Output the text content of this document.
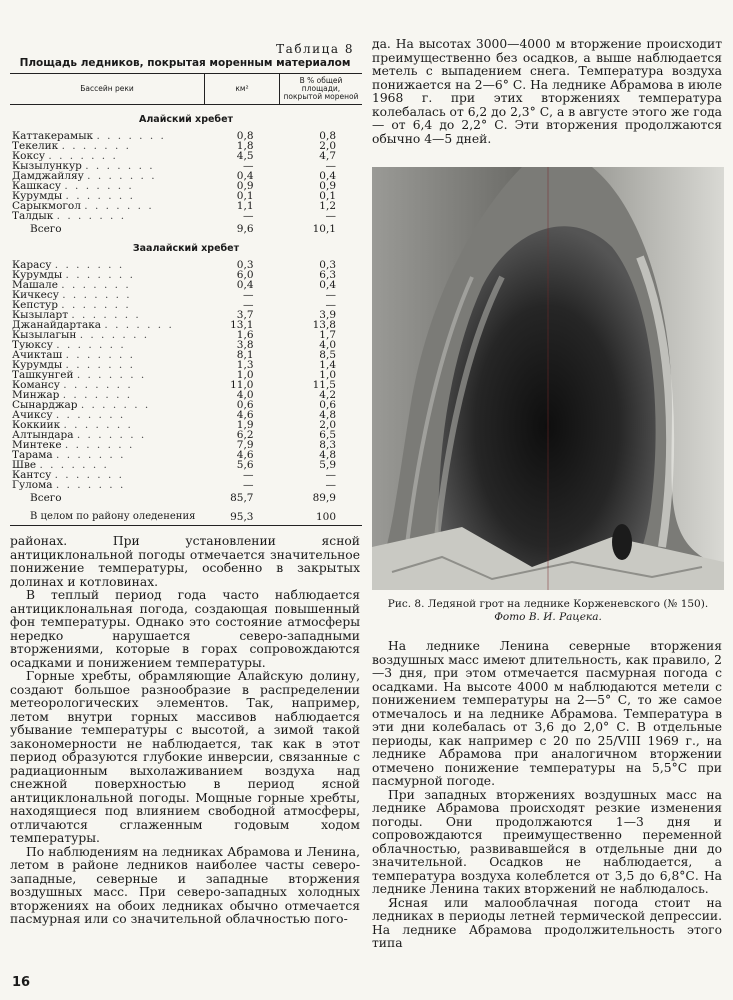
Таблица 8
Площадь ледников, покрытая моренным материалом
Бассейн реки	км²	В % общей площади, покрытой мореной
Алайский хребет		
Каттакерамык . . . . . . .	0,8	0,8
Текелик . . . . . . .	1,8	2,0
Коксу . . . . . . .	4,5	4,7
Кызылункур . . . . . . .	—	—
Дамджайляу . . . . . . .	0,4	0,4
Кашкасу . . . . . . .	0,9	0,9
Курумды . . . . . . .	0,1	0,1
Сарыкмогол . . . . . . .	1,1	1,2
Талдык . . . . . . .	—	—
Всего	9,6	10,1
Заалайский хребет		
Карасу . . . . . . .	0,3	0,3
Курумды . . . . . . .	6,0	6,3
Машале . . . . . . .	0,4	0,4
Кичкесу . . . . . . .	—	—
Кепстур . . . . . . .	—	—
Кызыларт . . . . . . .	3,7	3,9
Джанайдартака . . . . . . .	13,1	13,8
Кызылагын . . . . . . .	1,6	1,7
Туюксу . . . . . . .	3,8	4,0
Ачикташ . . . . . . .	8,1	8,5
Курумды . . . . . . .	1,3	1,4
Ташкунгей . . . . . . .	1,0	1,0
Комансу . . . . . . .	11,0	11,5
Минжар . . . . . . .	4,0	4,2
Сынарджар . . . . . . .	0,6	0,6
Ачиксу . . . . . . .	4,6	4,8
Коккиик . . . . . . .	1,9	2,0
Алтындара . . . . . . .	6,2	6,5
Минтеке . . . . . . .	7,9	8,3
Тарама . . . . . . .	4,6	4,8
Шве . . . . . . .	5,6	5,9
Кантсу . . . . . . .	—	—
Гулома . . . . . . .	—	—
Всего	85,7	89,9
В целом по району оледенения	95,3	100

районах. При установлении ясной антициклональной погоды отмечается значительное понижение температуры, особенно в закрытых долинах и котловинах.

В теплый период года часто наблюдается антициклональная погода, создающая повышенный фон температуры. Однако это состояние атмосферы нередко нарушается северо-западными вторжениями, которые в горах сопровождаются осадками и понижением температуры.

Горные хребты, обрамляющие Алайскую долину, создают большое разнообразие в распределении метеорологических элементов. Так, например, летом внутри горных массивов наблюдается убывание температуры с высотой, а зимой такой закономерности не наблюдается, так как в этот период образуются глубокие инверсии, связанные с радиационным выхолаживанием воздуха над снежной поверхностью в период ясной антициклональной погоды. Мощные горные хребты, находящиеся под влиянием свободной атмосферы, отличаются сглаженным годовым ходом температуры.

По наблюдениям на ледниках Абрамова и Ленина, летом в районе ледников наиболее часты северо-западные, северные и западные вторжения воздушных масс. При северо-западных холодных вторжениях на обоих ледниках обычно отмечается пасмурная или со значительной облачностью пого-

да. На высотах 3000—4000 м вторжение происходит преимущественно без осадков, а выше наблюдается метель с выпадением снега. Температура воздуха понижается на 2—6° С. На леднике Абрамова в июле 1968 г. при этих вторжениях температура колебалась от 6,2 до 2,3° С, а в августе этого же года — от 6,4 до 2,2° С. Эти вторжения продолжаются обычно 4—5 дней.

Рис. 8. Ледяной грот на леднике Корженевского (№ 150).
Фото В. И. Рацека.

На леднике Ленина северные вторжения воздушных масс имеют длительность, как правило, 2—3 дня, при этом отмечается пасмурная погода с осадками. На высоте 4000 м наблюдаются метели с понижением температуры на 2—5° С, то же самое отмечалось и на леднике Абрамова. Температура в эти дни колебалась от 3,6 до 2,0° С. В отдельные периоды, как например с 20 по 25/VIII 1969 г., на леднике Абрамова при аналогичном вторжении отмечено понижение температуры на 5,5°С при пасмурной погоде.

При западных вторжениях воздушных масс на леднике Абрамова происходят резкие изменения погоды. Они продолжаются 1—3 дня и сопровождаются преимущественно переменной облачностью, развивавшейся в отдельные дни до значительной. Осадков не наблюдается, а температура воздуха колеблется от 3,5 до 6,8°С. На леднике Ленина таких вторжений не наблюдалось.

Ясная или малооблачная погода стоит на ледниках в периоды летней термической депрессии. На леднике Абрамова продолжительность этого типа

16
